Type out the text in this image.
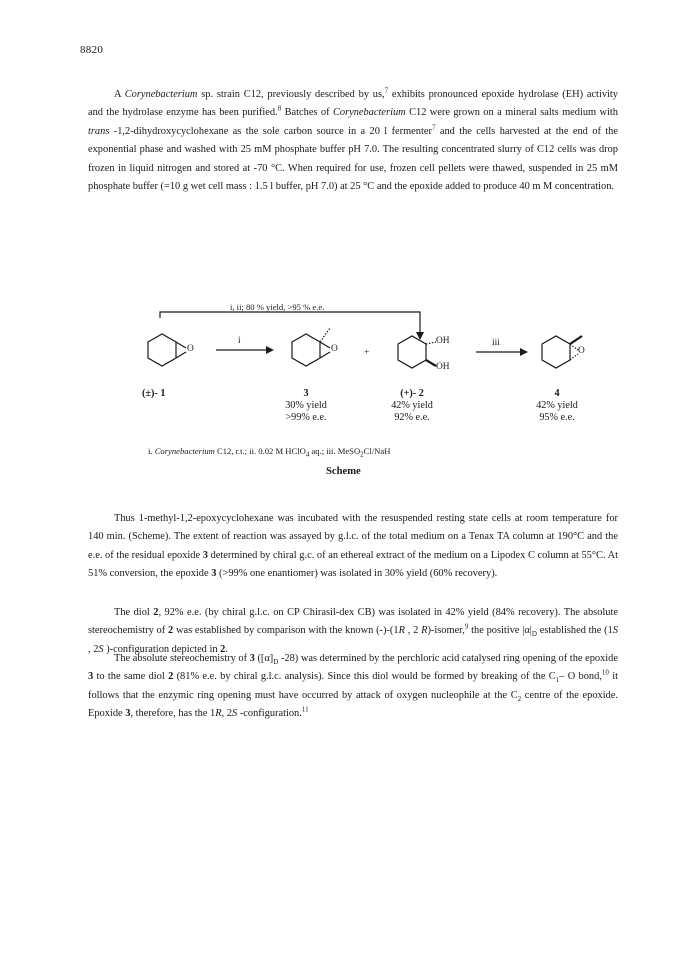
8820

A Corynebacterium sp. strain C12, previously described by us,$^7$ exhibits pronounced epoxide hydrolase (EH) activity and the hydrolase enzyme has been purified.$^8$ Batches of Corynebacterium C12 were grown on a mineral salts medium with trans -1,2-dihydroxycyclohexane as the sole carbon source in a 20 l fermenter$^7$ and the cells harvested at the end of the exponential phase and washed with 25 mM phosphate buffer pH 7.0. The resulting concentrated slurry of C12 cells was drop frozen in liquid nitrogen and stored at -70 °C. When required for use, frozen cell pellets were thawed, suspended in 25 mM phosphate buffer (=10 g wet cell mass : 1.5 l buffer, pH 7.0) at 25 °C and the epoxide added to produce 40 m M concentration.

i, ii; 80 % yield, >95 % e.e.
i	iii
O	O	O
+
OH
OH
(±)- 1	3
30% yield
>99% e.e.
(+)- 2
42% yield
92% e.e.
4
42% yield
95% e.e.
i. Corynebacterium C12, r.t.; ii. 0.02 M HClO$_4$ aq.; iii. MeSO$_2$Cl/NaH
Scheme

Thus 1-methyl-1,2-epoxycyclohexane was incubated with the resuspended resting state cells at room temperature for 140 min. (Scheme). The extent of reaction was assayed by g.l.c. of the total medium on a Tenax TA column at 190°C and the e.e. of the residual epoxide 3 determined by chiral g.c. of an ethereal extract of the medium on a Lipodex C column at 55°C. At 51% conversion, the epoxide 3 (>99% one enantiomer) was isolated in 30% yield (60% recovery).

The diol 2, 92% e.e. (by chiral g.l.c. on CP Chirasil-dex CB) was isolated in 42% yield (84% recovery). The absolute stereochemistry of 2 was established by comparison with the known (-)-(1R , 2 R)-isomer,$^9$ the positive $|\alpha|_D$ established the (1S , 2S )-configuration depicted in 2.

The absolute stereochemistry of 3 ($[\alpha]_D$ -28) was determined by the perchloric acid catalysed ring opening of the epoxide 3 to the same diol 2 (81% e.e. by chiral g.l.c. analysis). Since this diol would be formed by breaking of the $C_1-$ O bond,$^{10}$ it follows that the enzymic ring opening must have occurred by attack of oxygen nucleophile at the $C_2$ centre of the epoxide. Epoxide 3, therefore, has the 1R, 2S -configuration.$^{11}$
